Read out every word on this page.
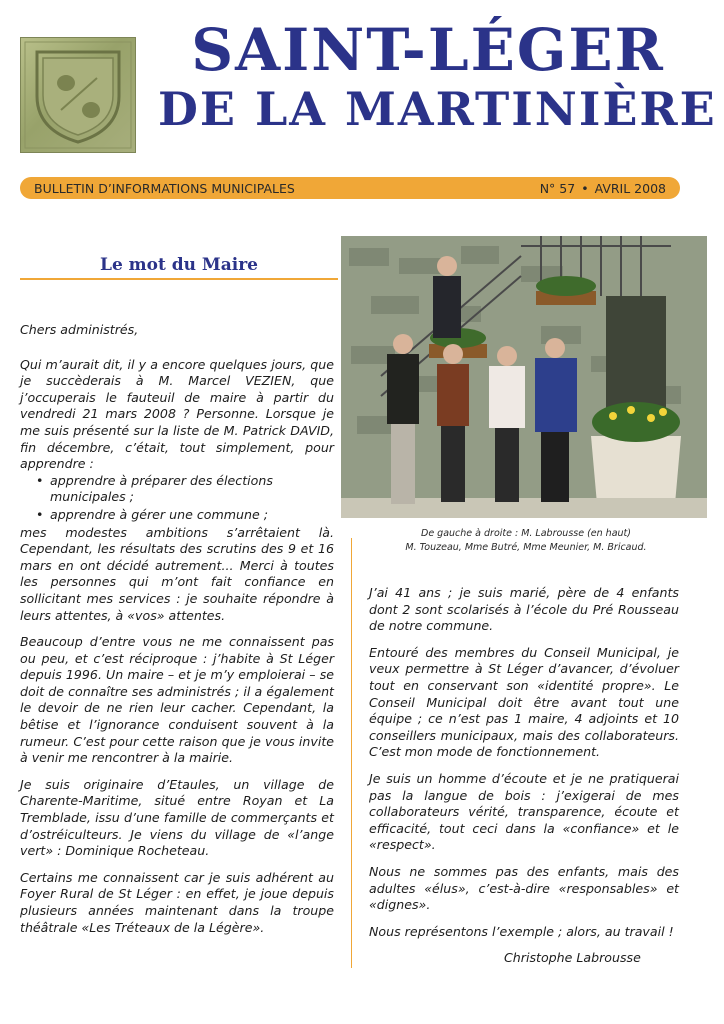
SAINT-LÉGER
DE LA MARTINIÈRE
BULLETIN D’INFORMATIONS MUNICIPALES	N° 57 • AVRIL 2008
Le mot du Maire

Chers administrés,

Qui m’aurait dit, il y a encore quelques jours, que je succèderais à M. Marcel VEZIEN, que j’occuperais le fauteuil de maire à partir du vendredi 21 mars 2008 ? Personne. Lorsque je me suis présenté sur la liste de M. Patrick DAVID, fin décembre, c’était, tout simplement, pour apprendre :

• apprendre à préparer des élections municipales ;
• apprendre à gérer une commune ;

mes modestes ambitions s’arrêtaient là. Cependant, les résultats des scrutins des 9 et 16 mars en ont décidé autrement... Merci à toutes les personnes qui m’ont fait confiance en sollicitant mes services : je souhaite répondre à leurs attentes, à «vos» attentes.

Beaucoup d’entre vous ne me connaissent pas ou peu, et c’est réciproque : j’habite à St Léger depuis 1996. Un maire – et je m’y emploierai – se doit de connaître ses administrés ; il a également le devoir de ne rien leur cacher. Cependant, la bêtise et l’ignorance conduisent souvent à la rumeur. C’est pour cette raison que je vous invite à venir me rencontrer à la mairie.

Je suis originaire d’Etaules, un village de Charente-Maritime, situé entre Royan et La Tremblade, issu d’une famille de commerçants et d’ostréiculteurs. Je viens du village de «l’ange vert» : Dominique Rocheteau.

Certains me connaissent car je suis adhérent au Foyer Rural de St Léger : en effet, je joue depuis plusieurs années maintenant dans la troupe théâtrale «Les Tréteaux de la Légère».

De gauche à droite : M. Labrousse (en haut)
M. Touzeau, Mme Butré, Mme Meunier, M. Bricaud.

J’ai 41 ans ; je suis marié, père de 4 enfants dont 2 sont scolarisés à l’école du Pré Rousseau de notre commune.

Entouré des membres du Conseil Municipal, je veux permettre à St Léger d’avancer, d’évoluer tout en conservant son «identité propre». Le Conseil Municipal doit être avant tout une équipe ; ce n’est pas 1 maire, 4 adjoints et 10 conseillers municipaux, mais des collaborateurs. C’est mon mode de fonctionnement.

Je suis un homme d’écoute et je ne pratiquerai pas la langue de bois : j’exigerai de mes collaborateurs vérité, transparence, écoute et efficacité, tout ceci dans la «confiance» et le «respect».

Nous ne sommes pas des enfants, mais des adultes «élus», c’est-à-dire «responsables» et «dignes».

Nous représentons l’exemple ; alors, au travail !

Christophe Labrousse
